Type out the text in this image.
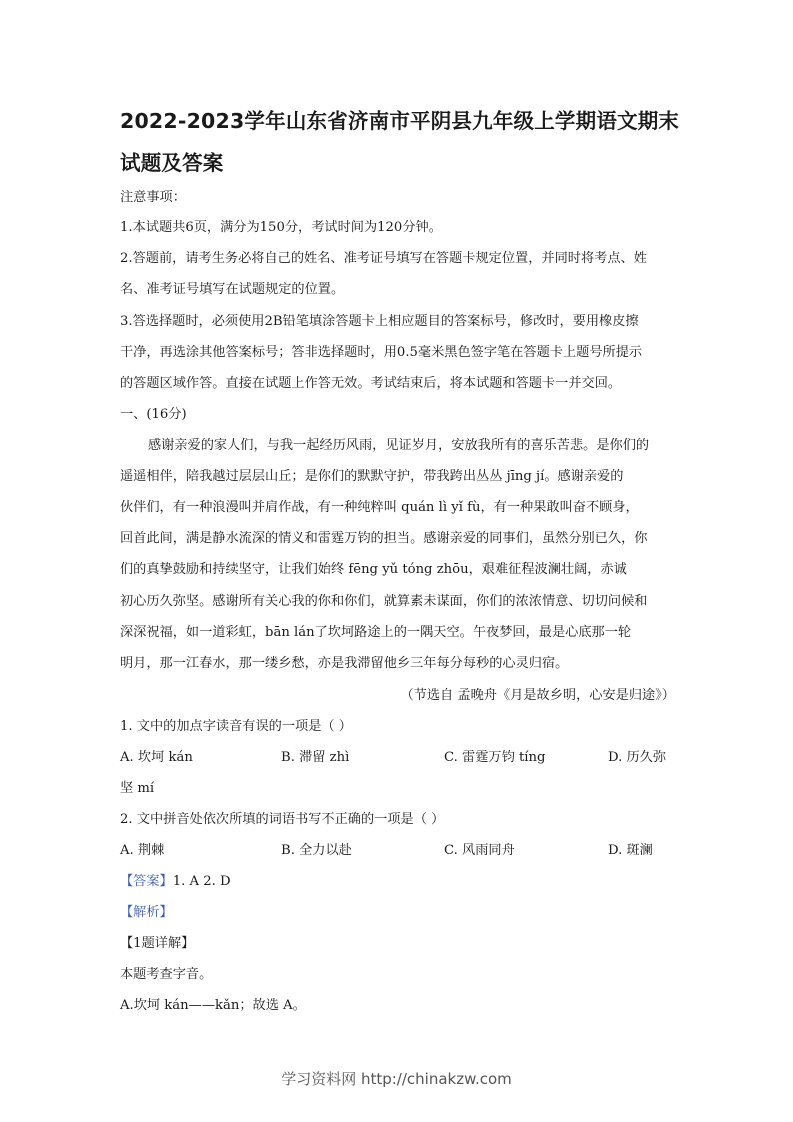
2022-2023学年山东省济南市平阴县九年级上学期语文期末
试题及答案
注意事项：
1.本试题共6页，满分为150分，考试时间为120分钟。
2.答题前，请考生务必将自己的姓名、准考证号填写在答题卡规定位置，并同时将考点、姓
名、准考证号填写在试题规定的位置。
3.答选择题时，必须使用2B铅笔填涂答题卡上相应题目的答案标号，修改时，要用橡皮擦
干净，再选涂其他答案标号；答非选择题时，用0.5毫米黑色签字笔在答题卡上题号所提示
的答题区域作答。直接在试题上作答无效。考试结束后，将本试题和答题卡一并交回。
一、(16分)
感谢亲爱的家人们，与我一起经历风雨，见证岁月，安放我所有的喜乐苦悲。是你们的
遥遥相伴，陪我越过层层山丘；是你们的默默守护，带我跨出丛丛 jīng jí。感谢亲爱的
伙伴们，有一种浪漫叫并肩作战，有一种纯粹叫 quán lì yǐ fù，有一种果敢叫奋不顾身，
回首此间，满是静水流深的情义和雷霆万钧的担当。感谢亲爱的同事们，虽然分别已久，你
们的真挚鼓励和持续坚守，让我们始终 fēng yǔ tóng zhōu，艰难征程波澜壮阔，赤诚
初心历久弥坚。感谢所有关心我的你和你们，就算素未谋面，你们的浓浓情意、切切问候和
深深祝福，如一道彩虹，bān lán了坎坷路途上的一隅天空。午夜梦回，最是心底那一轮
明月，那一江春水，那一缕乡愁，亦是我滞留他乡三年每分每秒的心灵归宿。
（节选自 孟晚舟《月是故乡明，心安是归途》）
1. 文中的加点字读音有误的一项是（ ）
A. 坎坷 kán	B. 滞留 zhì	C. 雷霆万钧 tíng	D. 历久弥
坚 mí
2. 文中拼音处依次所填的词语书写不正确的一项是（ ）
A. 荆棘	B. 全力以赴	C. 风雨同舟	D. 斑澜
【答案】1. A 2. D
【解析】
【1题详解】
本题考查字音。
A.坎坷 kán——kǎn；故选 A。
学习资料网 http://chinakzw.com
